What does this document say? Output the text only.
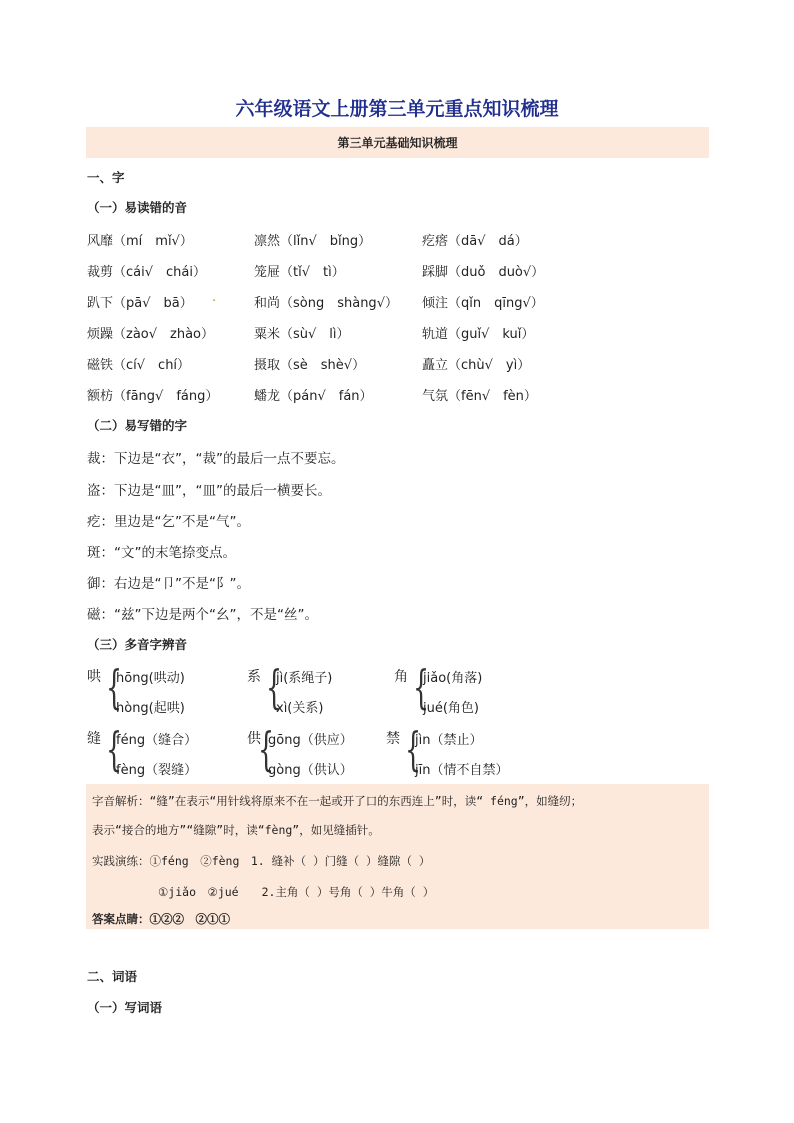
六年级语文上册第三单元重点知识梳理
第三单元基础知识梳理
一、字
（一）易读错的音
风靡（mí　mǐ√）	凛然（lǐn√　bǐng）	疙瘩（dā√　dá）
裁剪（cái√　chái）	笼屉（tǐ√　tì）	踩脚（duǒ　duò√）
趴下（pā√　bā）	和尚（sòng　shàng√） 倾注（qǐn　qīng√）
烦躁（zào√　zhào）	粟米（sù√　lì）	轨道（guǐ√　kuǐ）
磁铁（cí√　chí）	摄取（sè　shè√）	矗立（chù√　yì）
额枋（fāng√　fáng）	蟠龙（pán√　fán）	气氛（fēn√　fèn）
.
（二）易写错的字
裁：下边是“衣”，“裁”的最后一点不要忘。
盗：下边是“皿”，“皿”的最后一横要长。
疙：里边是“乞”不是“气”。
斑：“文”的末笔捺变点。
御：右边是“卩”不是“阝”。
磁：“兹”下边是两个“幺”，不是“丝”。
（三）多音字辨音
哄 {
hōng(哄动)
hòng(起哄)
系 {
jì(系绳子)
xì(关系)
角 {
jiǎo(角落)
jué(角色)
缝 {
féng（缝合）
fèng（裂缝）
供
{
gōng（供应）
gòng（供认）
禁 {
jìn（禁止）
jīn（情不自禁）
字音解析：“缝”在表示“用针线将原来不在一起或开了口的东西连上”时，读“ féng”，如缝纫；
表示“接合的地方”“缝隙”时，读“fèng”，如见缝插针。
实践演练：①féng　②fèng　1. 缝补（ ）门缝（ ）缝隙（ ）
①jiǎo　②jué　　2.主角（ ）号角（ ）牛角（ ）
答案点睛：①②②　②①①
二、词语
（一）写词语
